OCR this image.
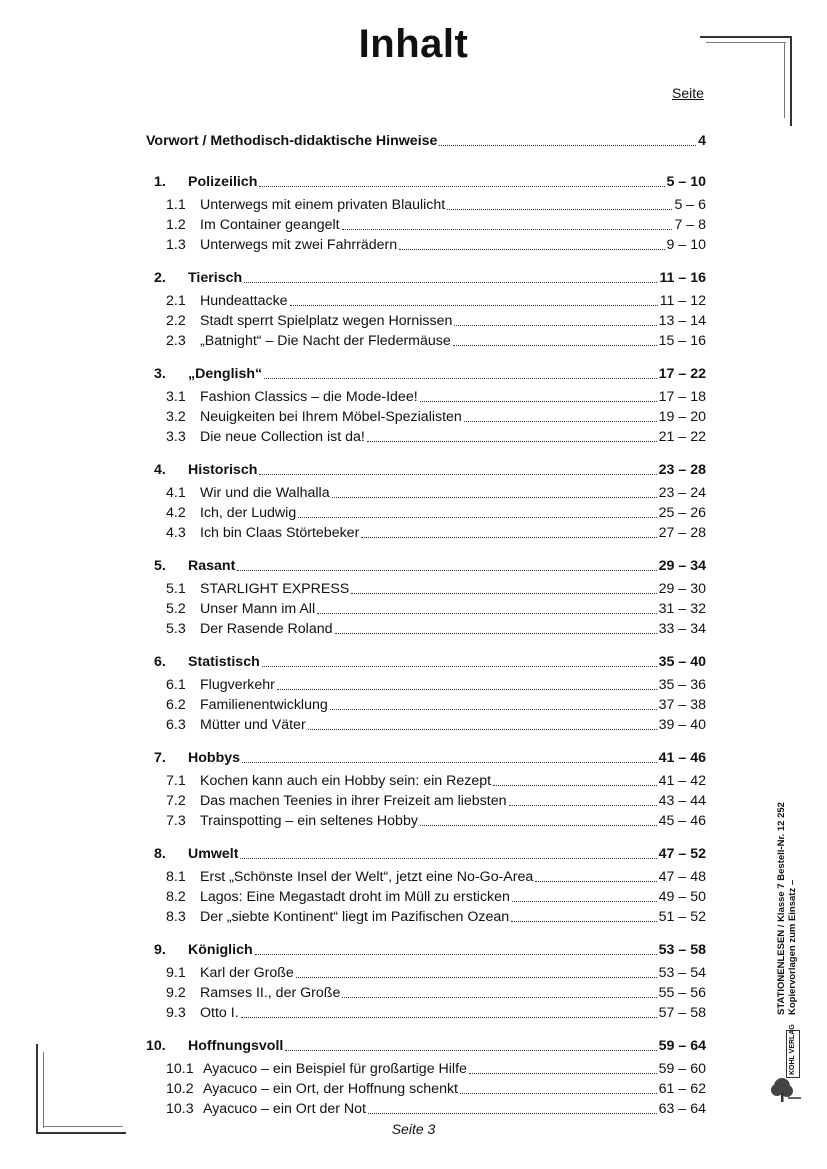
Inhalt
Seite
Vorwort / Methodisch-didaktische Hinweise	4
1.	Polizeilich	5 – 10
1.1	Unterwegs mit einem privaten Blaulicht	5 – 6
1.2	Im Container geangelt	7 – 8
1.3	Unterwegs mit zwei Fahrrädern	9 – 10
2.	Tierisch	11 – 16
2.1	Hundeattacke	11 – 12
2.2	Stadt sperrt Spielplatz wegen Hornissen	13 – 14
2.3	„Batnight“ – Die Nacht der Fledermäuse	15 – 16
3.	„Denglish“	17 – 22
3.1	Fashion Classics – die Mode-Idee!	17 – 18
3.2	Neuigkeiten bei Ihrem Möbel-Spezialisten	19 – 20
3.3	Die neue Collection ist da!	21 – 22
4.	Historisch	23 – 28
4.1	Wir und die Walhalla	23 – 24
4.2	Ich, der Ludwig	25 – 26
4.3	Ich bin Claas Störtebeker	27 – 28
5.	Rasant	29 – 34
5.1	STARLIGHT EXPRESS	29 – 30
5.2	Unser Mann im All	31 – 32
5.3	Der Rasende Roland	33 – 34
6.	Statistisch	35 – 40
6.1	Flugverkehr	35 – 36
6.2	Familienentwicklung	37 – 38
6.3	Mütter und Väter	39 – 40
7.	Hobbys	41 – 46
7.1	Kochen kann auch ein Hobby sein: ein Rezept	41 – 42
7.2	Das machen Teenies in ihrer Freizeit am liebsten	43 – 44
7.3	Trainspotting – ein seltenes Hobby	45 – 46
8.	Umwelt	47 – 52
8.1	Erst „Schönste Insel der Welt“, jetzt eine No-Go-Area	47 – 48
8.2	Lagos: Eine Megastadt droht im Müll zu ersticken	49 – 50
8.3	Der „siebte Kontinent“ liegt im Pazifischen Ozean	51 – 52
9.	Königlich	53 – 58
9.1	Karl der Große	53 – 54
9.2	Ramses II., der Große	55 – 56
9.3	Otto I.	57 – 58
10.	Hoffnungsvoll	59 – 64
10.1 Ayacuco – ein Beispiel für großartige Hilfe	59 – 60
10.2 Ayacuco – ein Ort, der Hoffnung schenkt	61 – 62
10.3 Ayacuco – ein Ort der Not	63 – 64
Seite 3
STATIONENLESEN / Klasse 7 Bestell-Nr. 12 252 Kopiervorlagen zum Einsatz –
KOHL VERLAG
